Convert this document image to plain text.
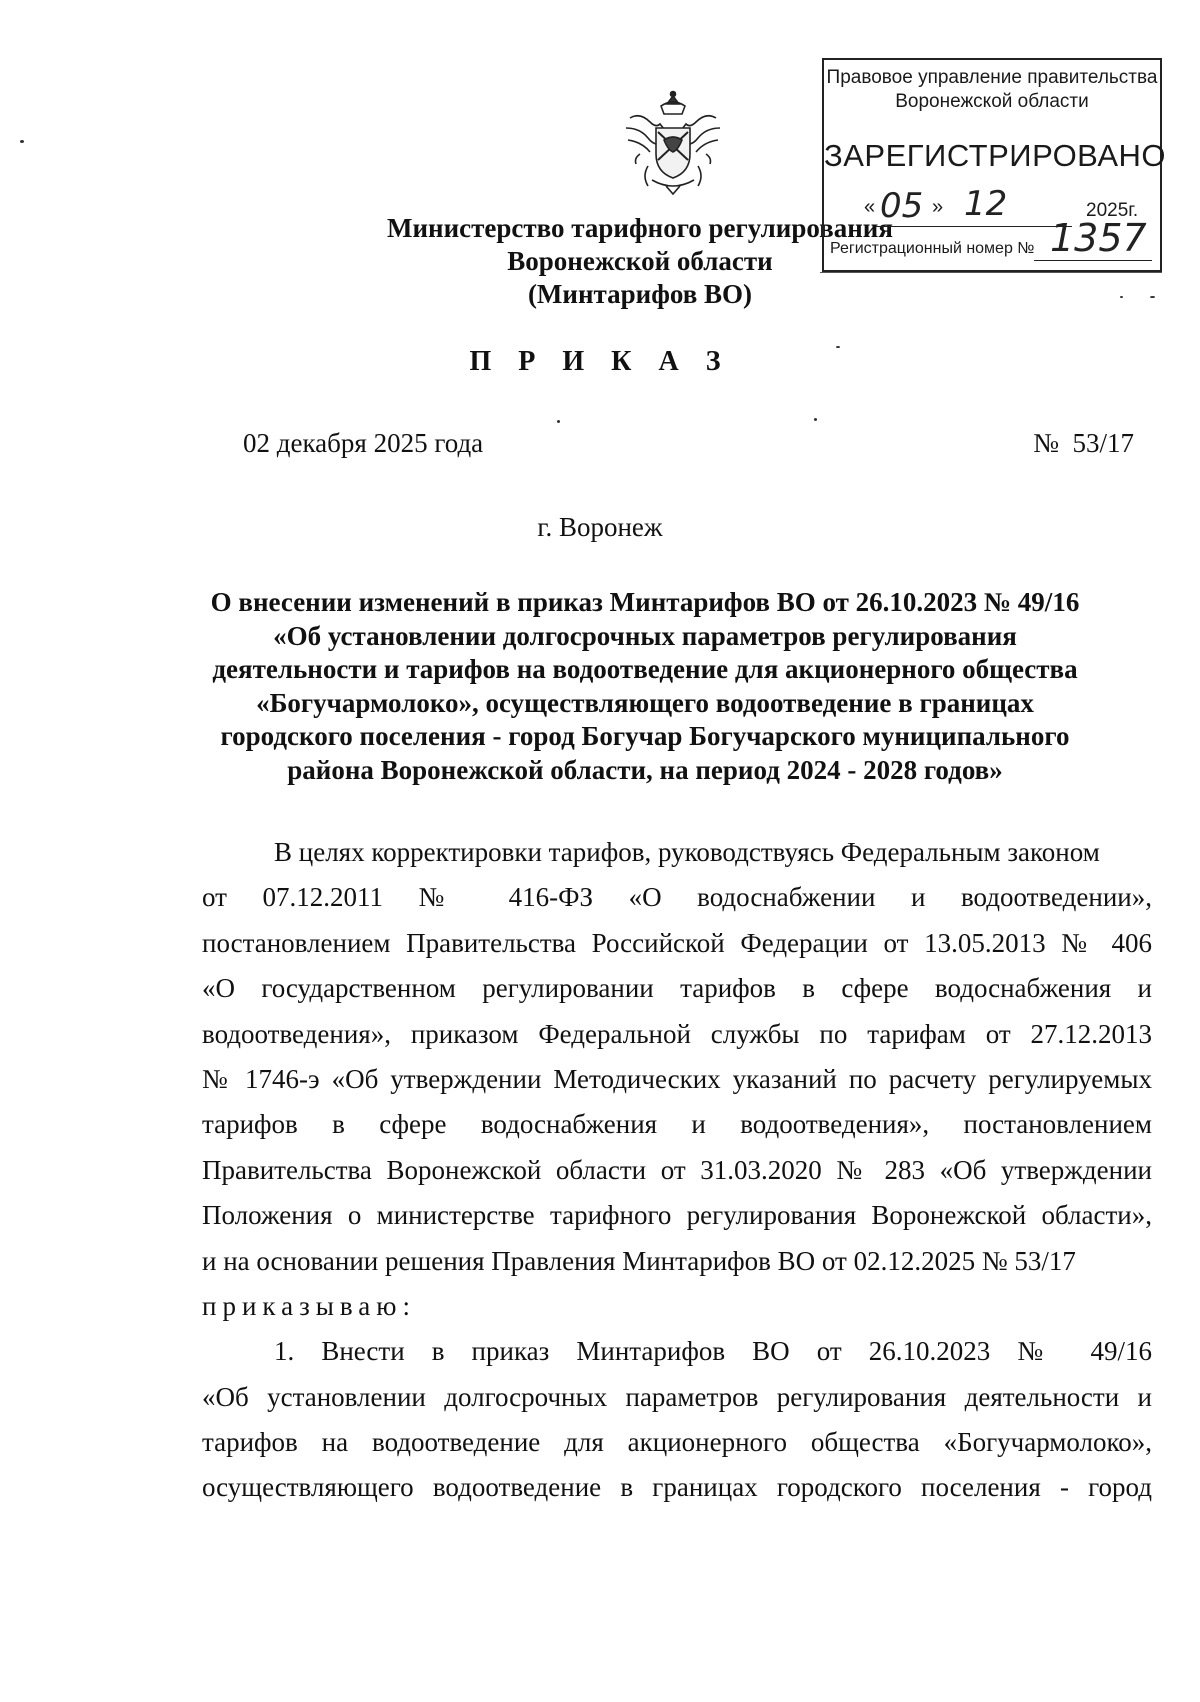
Министерство тарифного регулирования
Воронежской области
(Минтарифов ВО)
Правовое управление правительства
Воронежской области
ЗАРЕГИСТРИРОВАНО
« 05 » 12	2025г.
Регистрационный номер № 1357
П Р И К А З
02 декабря 2025 года	№  53/17
г. Воронеж
О внесении изменений в приказ Минтарифов ВО от 26.10.2023 № 49/16
«Об установлении долгосрочных параметров регулирования
деятельности и тарифов на водоотведение для акционерного общества
«Богучармолоко», осуществляющего водоотведение в границах
городского поселения - город Богучар Богучарского муниципального
района Воронежской области, на период 2024 - 2028 годов»
В целях корректировки тарифов, руководствуясь Федеральным законом
от 07.12.2011 № 416-ФЗ «О водоснабжении и водоотведении»,
постановлением Правительства Российской Федерации от 13.05.2013 № 406
«О государственном регулировании тарифов в сфере водоснабжения и
водоотведения», приказом Федеральной службы по тарифам от 27.12.2013
№ 1746-э «Об утверждении Методических указаний по расчету регулируемых
тарифов в сфере водоснабжения и водоотведения», постановлением
Правительства Воронежской области от 31.03.2020 № 283 «Об утверждении
Положения о министерстве тарифного регулирования Воронежской области»,
и на основании решения Правления Минтарифов ВО от 02.12.2025 № 53/17
приказываю:
1. Внести в приказ Минтарифов ВО от 26.10.2023 № 49/16
«Об установлении долгосрочных параметров регулирования деятельности и
тарифов на водоотведение для акционерного общества «Богучармолоко»,
осуществляющего водоотведение в границах городского поселения - город
